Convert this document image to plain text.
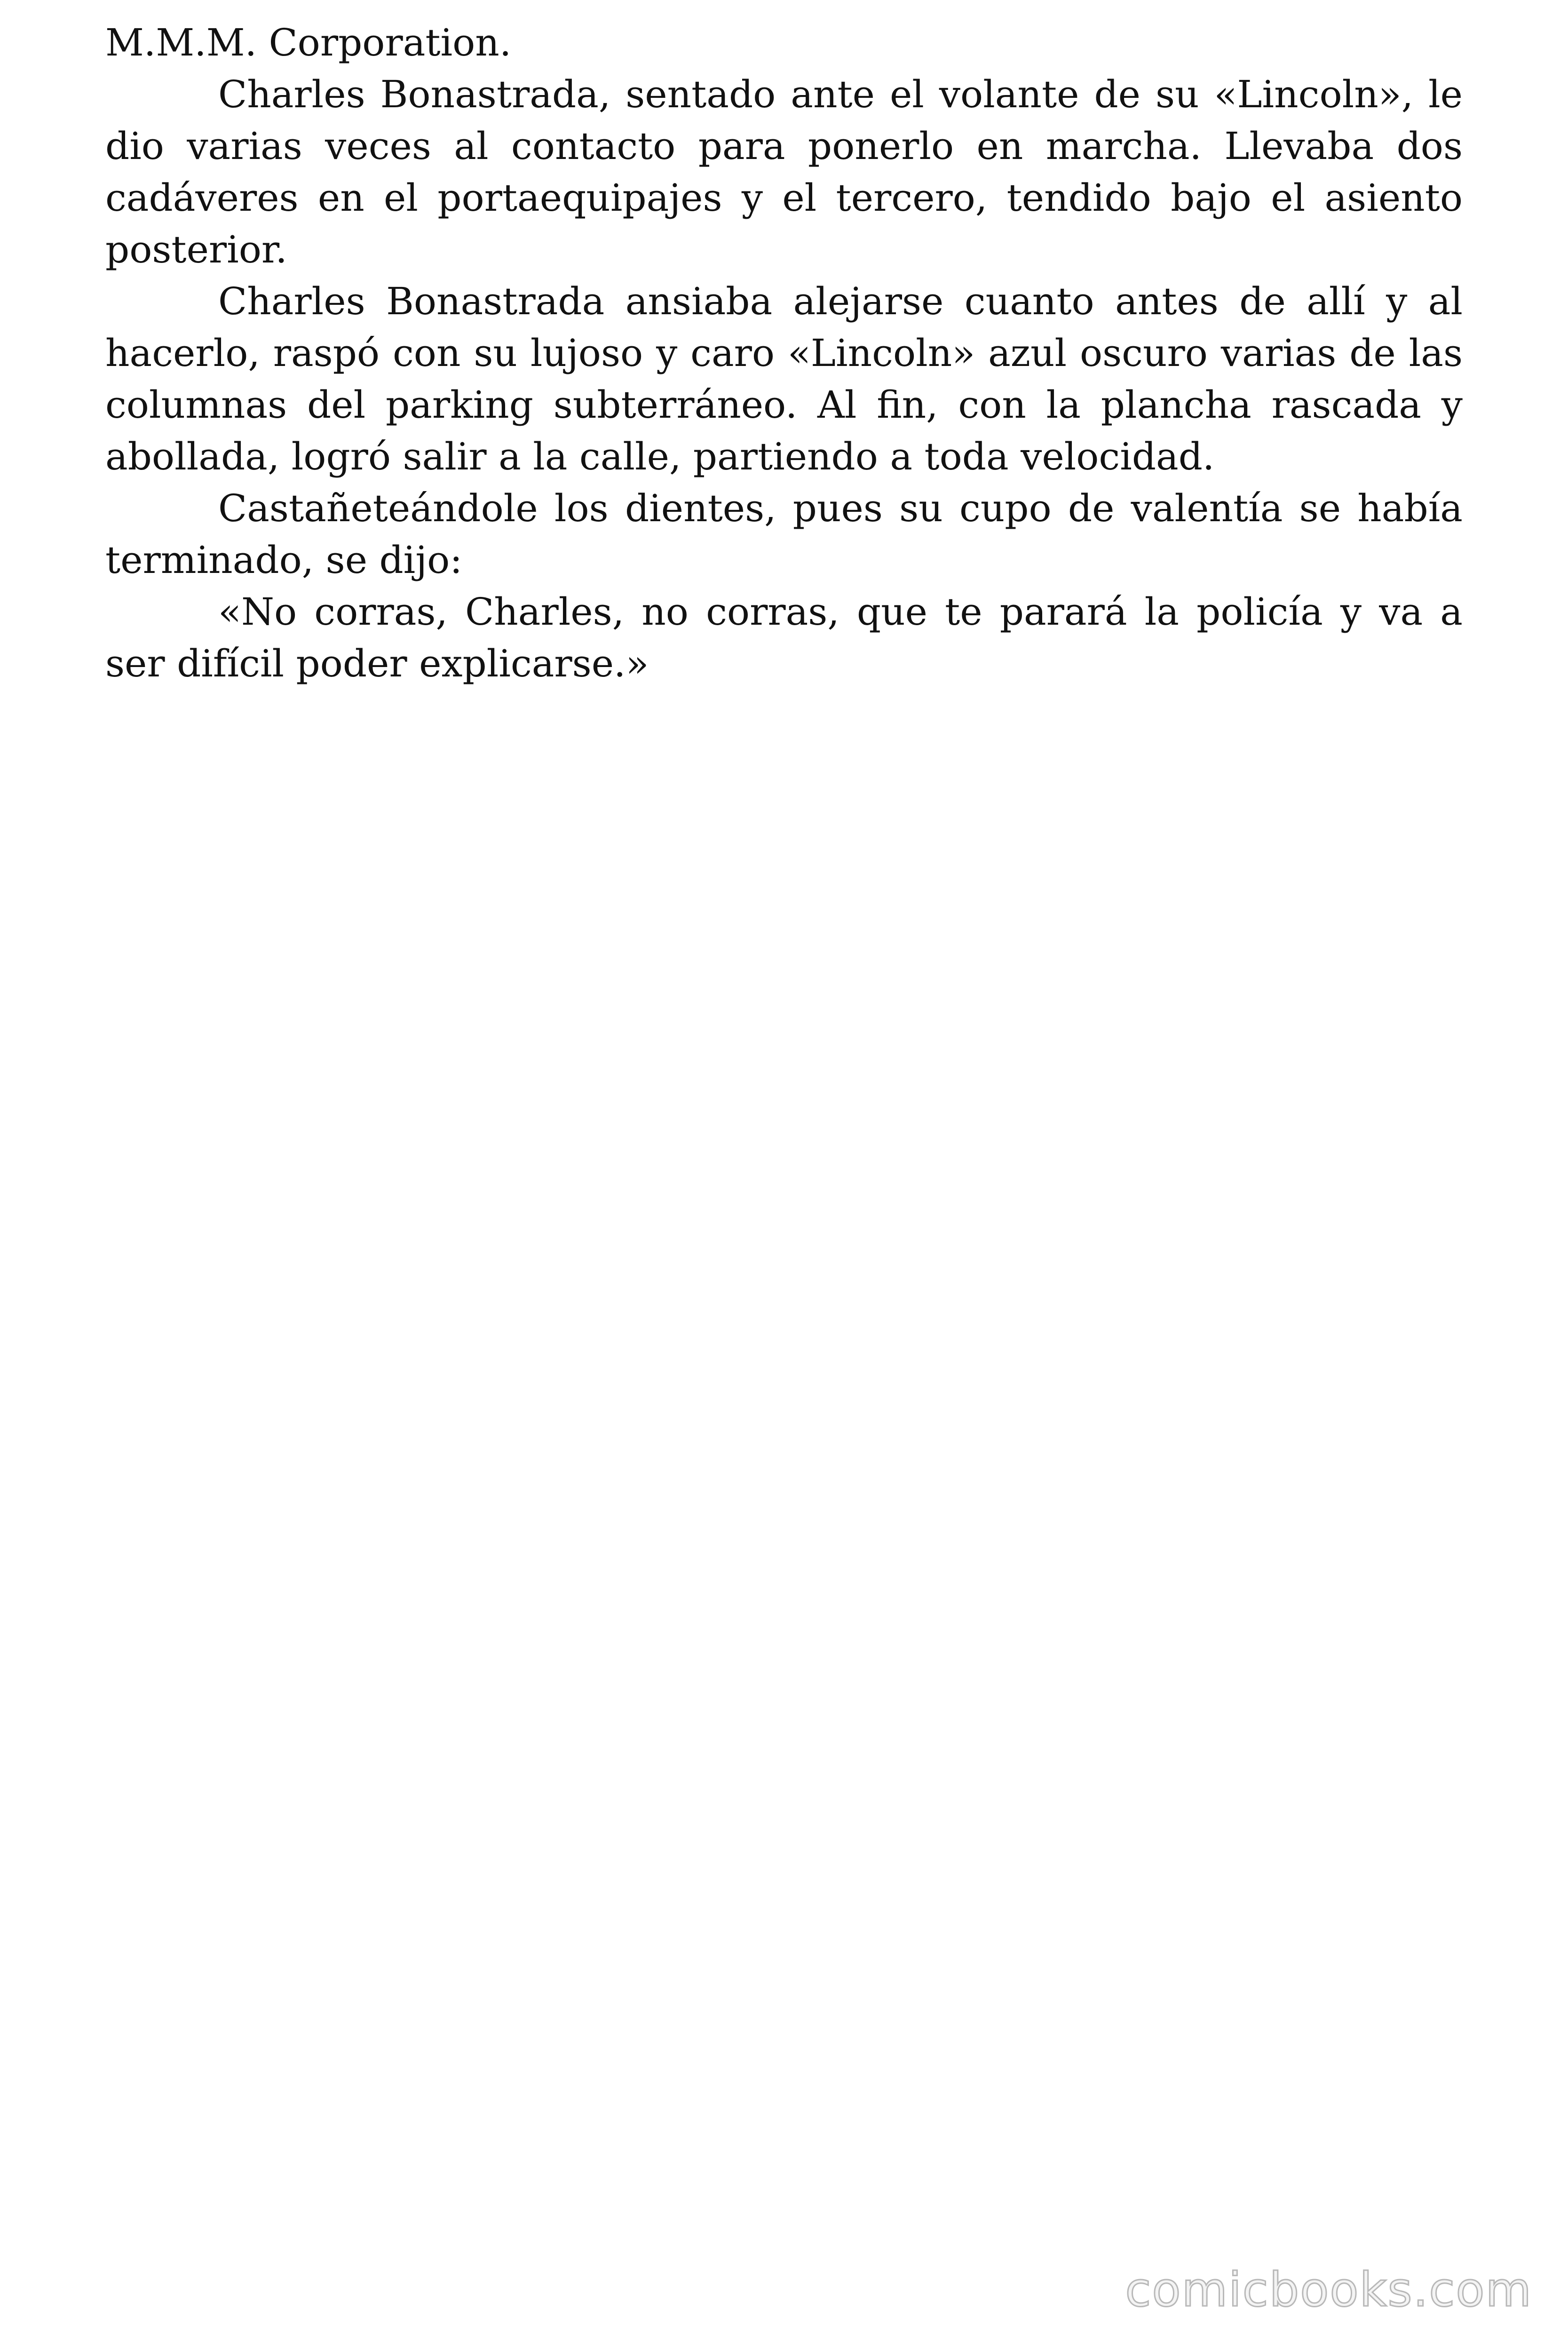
M.M.M. Corporation.

Charles Bonastrada, sentado ante el volante de su «Lincoln», le dio varias veces al contacto para ponerlo en marcha. Llevaba dos cadáveres en el portaequipajes y el tercero, tendido bajo el asiento posterior.

Charles Bonastrada ansiaba alejarse cuanto antes de allí y al hacerlo, raspó con su lujoso y caro «Lincoln» azul oscuro varias de las columnas del parking subterráneo. Al fin, con la plancha rascada y abollada, logró salir a la calle, partiendo a toda velocidad.

Castañeteándole los dientes, pues su cupo de valentía se había terminado, se dijo:

«No corras, Charles, no corras, que te parará la policía y va a ser difícil poder explicarse.»

comicbooks.com
